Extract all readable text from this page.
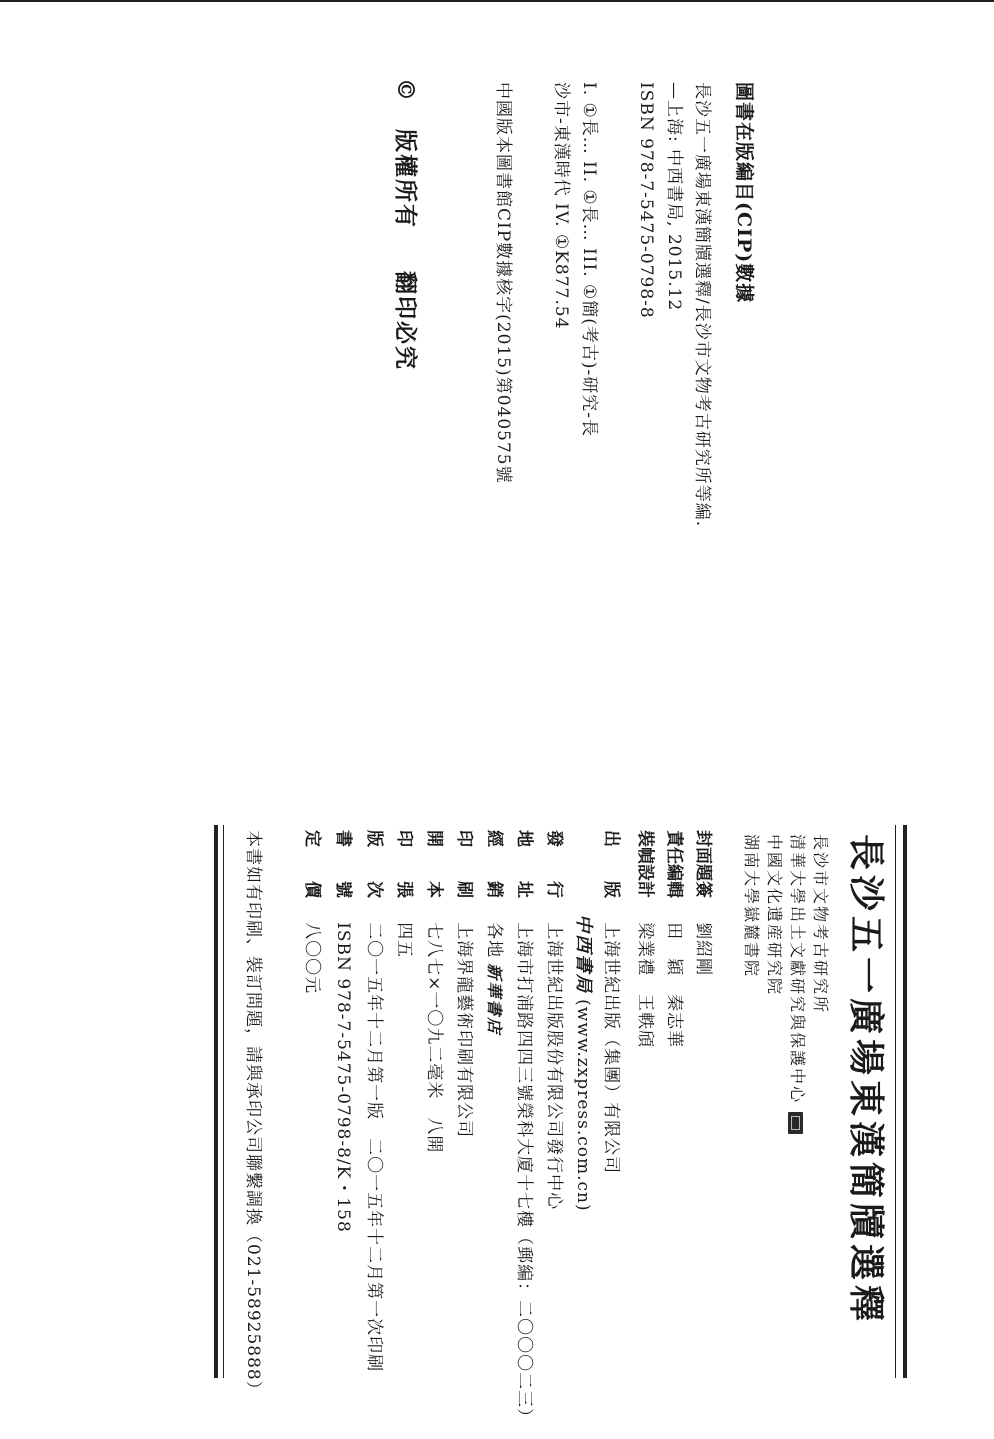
圖書在版編目(CIP)數據
長沙五一廣場東漢簡牘選釋/長沙市文物考古研究所等編.
—上海: 中西書局, 2015.12
ISBN 978-7-5475-0798-8
I. ①長… II. ①長… III. ①簡(考古)-研究-長
沙市-東漢時代 IV. ①K877.54
中國版本圖書館CIP數據核字(2015)第040575號
© 版權所有  翻印必究
長沙五一廣場東漢簡牘選釋
長沙市文物考古研究所
清華大學出土文獻研究與保護中心
中國文化遺産研究院
湖南大學嶽麓書院
封面題簽  劉紹剛
責任編輯  田　穎　秦志華
裝幀設計  梁業禮　王軼頎
出　　版  上海世紀出版（集團）有限公司
中西書局 (www.zxpress.com.cn)
發　　行  上海世紀出版股份有限公司發行中心
地　　址  上海市打浦路四四三號榮科大廈十七樓（郵編：二〇〇〇二三）
經　　銷  各地 新華書店
印　　刷  上海界龍藝術印刷有限公司
開　　本  七八七×一〇九二毫米　八開
印　　張  四五
版　　次  二〇一五年十二月第一版　二〇一五年十二月第一次印刷
書　　號  ISBN 978-7-5475-0798-8/K・158
定　　價  八〇〇元
本書如有印刷、裝訂問題，請與承印公司聯繫調換（021-58925888）
